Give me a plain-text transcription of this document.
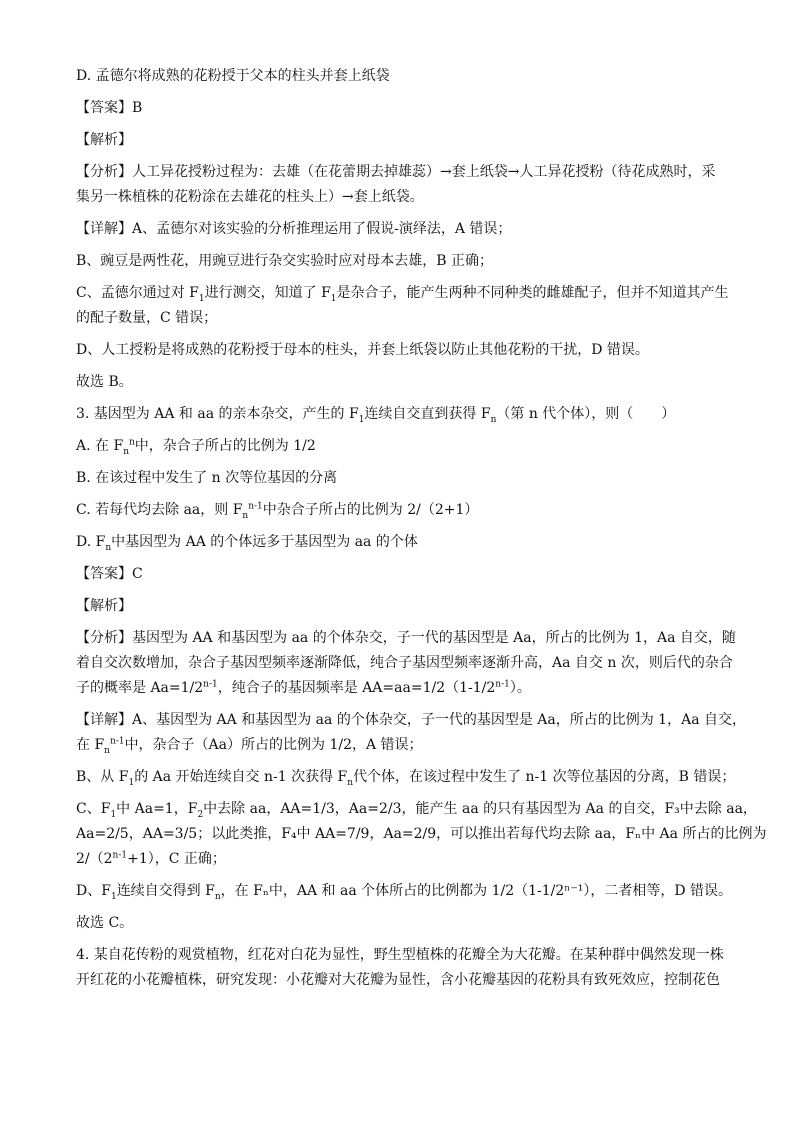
D. 孟德尔将成熟的花粉授于父本的柱头并套上纸袋
【答案】B
【解析】
【分析】人工异花授粉过程为：去雄（在花蕾期去掉雄蕊）→套上纸袋→人工异花授粉（待花成熟时，采
集另一株植株的花粉涂在去雄花的柱头上）→套上纸袋。
【详解】A、孟德尔对该实验的分析推理运用了假说-演绎法，A 错误；
B、豌豆是两性花，用豌豆进行杂交实验时应对母本去雄，B 正确；
C、孟德尔通过对 $F_1$进行测交，知道了 $F_1$是杂合子，能产生两种不同种类的雌雄配子，但并不知道其产生
的配子数量，C 错误；
D、人工授粉是将成熟的花粉授于母本的柱头，并套上纸袋以防止其他花粉的干扰，D 错误。
故选 B。
3. 基因型为 AA 和 aa 的亲本杂交，产生的 $F_1$连续自交直到获得 $F_n$（第 n 代个体），则（　　）
A. 在 $F_n^n$中，杂合子所占的比例为 1/2
B. 在该过程中发生了 n 次等位基因的分离
C. 若每代均去除 aa，则 $F_n^{n-1}$中杂合子所占的比例为 2/（2+1）
D. $F_n$中基因型为 AA 的个体远多于基因型为 aa 的个体
【答案】C
【解析】
【分析】基因型为 AA 和基因型为 aa 的个体杂交，子一代的基因型是 Aa，所占的比例为 1，Aa 自交，随
着自交次数增加，杂合子基因型频率逐渐降低，纯合子基因型频率逐渐升高，Aa 自交 n 次，则后代的杂合
子的概率是 $Aa=1/2^{n-1}$，纯合子的基因频率是 $AA=aa=1/2(1-1/2^{n-1})$。
【详解】A、基因型为 AA 和基因型为 aa 的个体杂交，子一代的基因型是 Aa，所占的比例为 1，Aa 自交，
在 $F_n^{n-1}$中，杂合子（Aa）所占的比例为 1/2，A 错误；
B、从 $F_1$的 Aa 开始连续自交 n-1 次获得 $F_n$代个体，在该过程中发生了 n-1 次等位基因的分离，B 错误；
C、$F_1$中 Aa=1，$F_2$中去除 aa，AA=1/3，Aa=2/3，能产生 aa 的只有基因型为 Aa 的自交，F₃中去除 aa，
Aa=2/5，AA=3/5；以此类推，F₄中 AA=7/9，Aa=2/9，可以推出若每代均去除 aa，Fₙ中 Aa 所占的比例为
$2/(2^{n-1}+1)$，C 正确；
D、$F_1$连续自交得到 $F_n$，在 Fₙ中，AA 和 aa 个体所占的比例都为 1/2（1-1/2ⁿ⁻¹），二者相等，D 错误。
故选 C。
4. 某自花传粉的观赏植物，红花对白花为显性，野生型植株的花瓣全为大花瓣。在某种群中偶然发现一株
开红花的小花瓣植株，研究发现：小花瓣对大花瓣为显性，含小花瓣基因的花粉具有致死效应，控制花色
